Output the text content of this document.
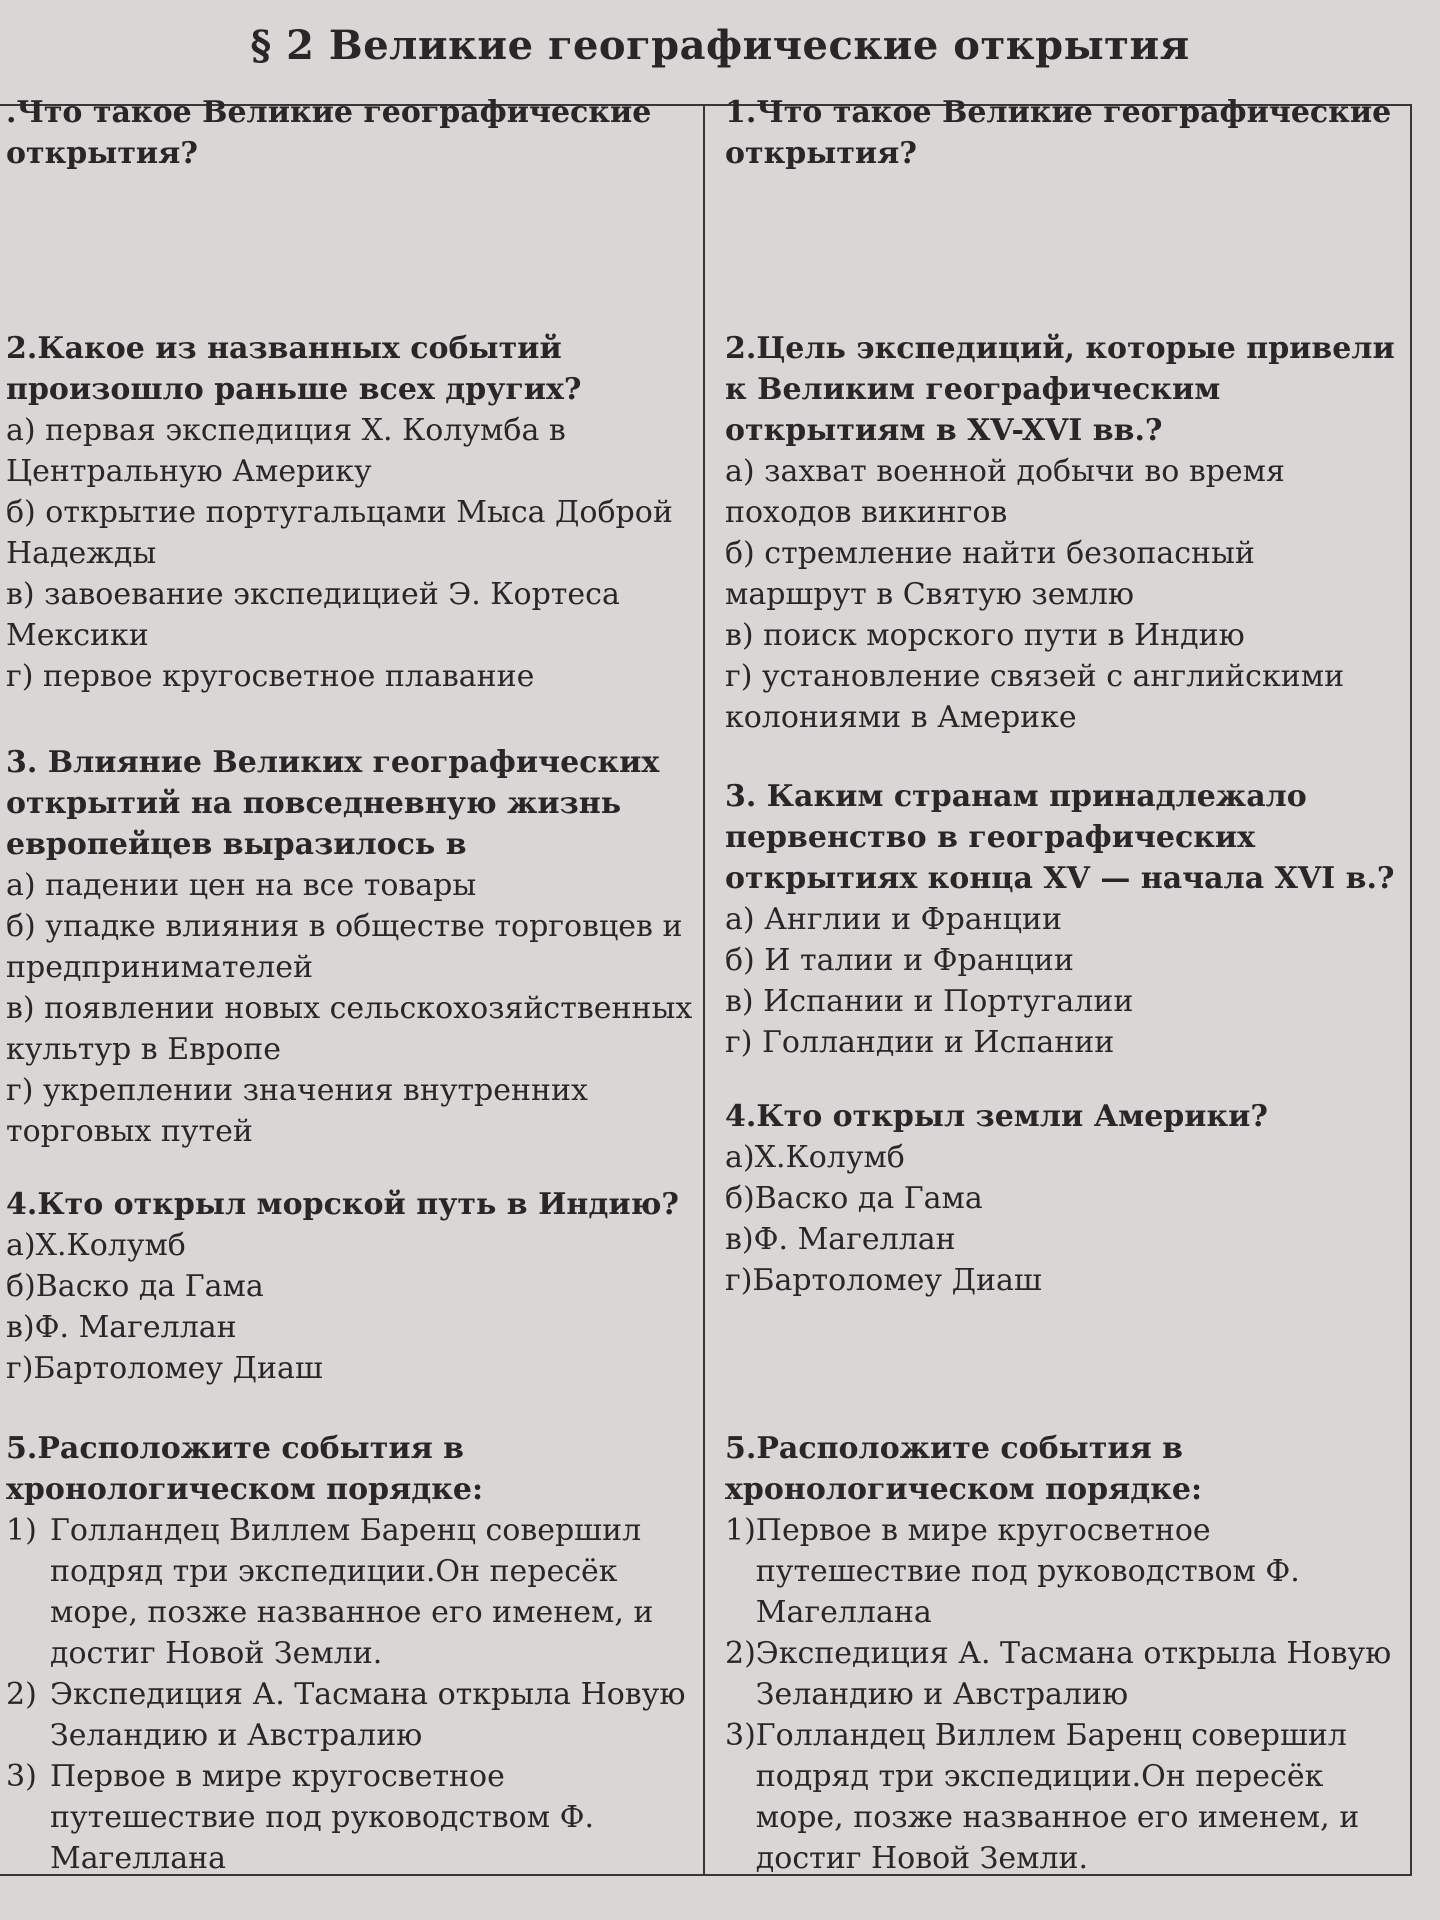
§ 2 Великие географические открытия
.Что такое Великие географические открытия?
2.Какое из названных событий произошло раньше всех других?
а) первая экспедиция Х. Колумба в Центральную Америку
б) открытие португальцами Мыса Доброй Надежды
в) завоевание экспедицией Э. Кортеса Мексики
г) первое кругосветное плавание
3. Влияние Великих географических открытий на повседневную жизнь европейцев выразилось в
а) падении цен на все товары
б) упадке влияния в обществе торговцев и предпринимателей
в) появлении новых сельскохозяйственных культур в Европе
г) укреплении значения внутренних торговых путей
4.Кто открыл морской путь в Индию?
а)Х.Колумб
б)Васко да Гама
в)Ф. Магеллан
г)Бартоломеу Диаш
5.Расположите события в хронологическом порядке:
1) Голландец Виллем Баренц совершил подряд три экспедиции.Он пересёк море, позже названное его именем, и достиг Новой Земли.
2) Экспедиция А. Тасмана открыла Новую Зеландию и Австралию
3) Первое в мире кругосветное путешествие под руководством Ф. Магеллана
1.Что такое Великие географические открытия?
2.Цель экспедиций, которые привели к Великим географическим открытиям в XV-XVI вв.?
а) захват военной добычи во время походов викингов
б) стремление найти безопасный маршрут в Святую землю
в) поиск морского пути в Индию
г) установление связей с английскими колониями в Америке
3. Каким странам принадлежало первенство в географических открытиях конца XV — начала XVI в.?
а) Англии и Франции
б) И талии и Франции
в) Испании и Португалии
г) Голландии и Испании
4.Кто открыл земли Америки?
а)Х.Колумб
б)Васко да Гама
в)Ф. Магеллан
г)Бартоломеу Диаш
5.Расположите события в хронологическом порядке:
1) Первое в мире кругосветное путешествие под руководством Ф. Магеллана
2) Экспедиция А. Тасмана открыла Новую Зеландию и Австралию
3) Голландец Виллем Баренц совершил подряд три экспедиции.Он пересёк море, позже названное его именем, и достиг Новой Земли.
